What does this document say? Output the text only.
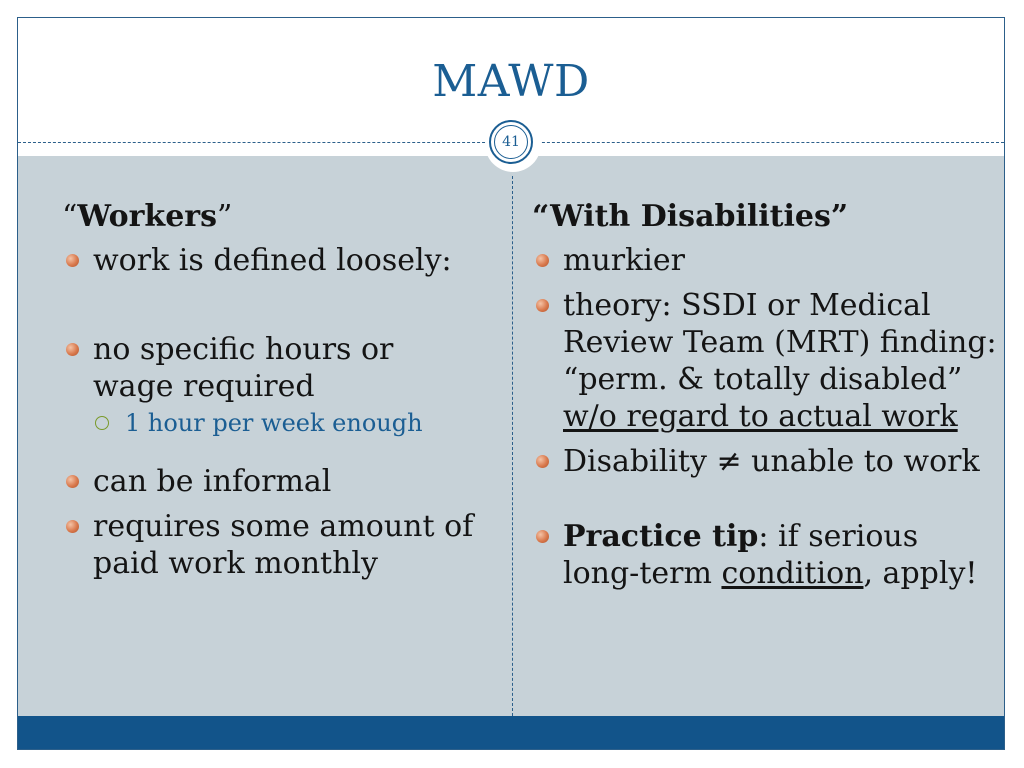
MAWD
41
“Workers”
work is defined loosely:
no specific hours or wage required
1 hour per week enough
can be informal
requires some amount of paid work monthly
“With Disabilities”
murkier
theory: SSDI or Medical Review Team (MRT) finding: “perm. & totally disabled” w/o regard to actual work
Disability ≠ unable to work
Practice tip: if serious long-term condition, apply!
